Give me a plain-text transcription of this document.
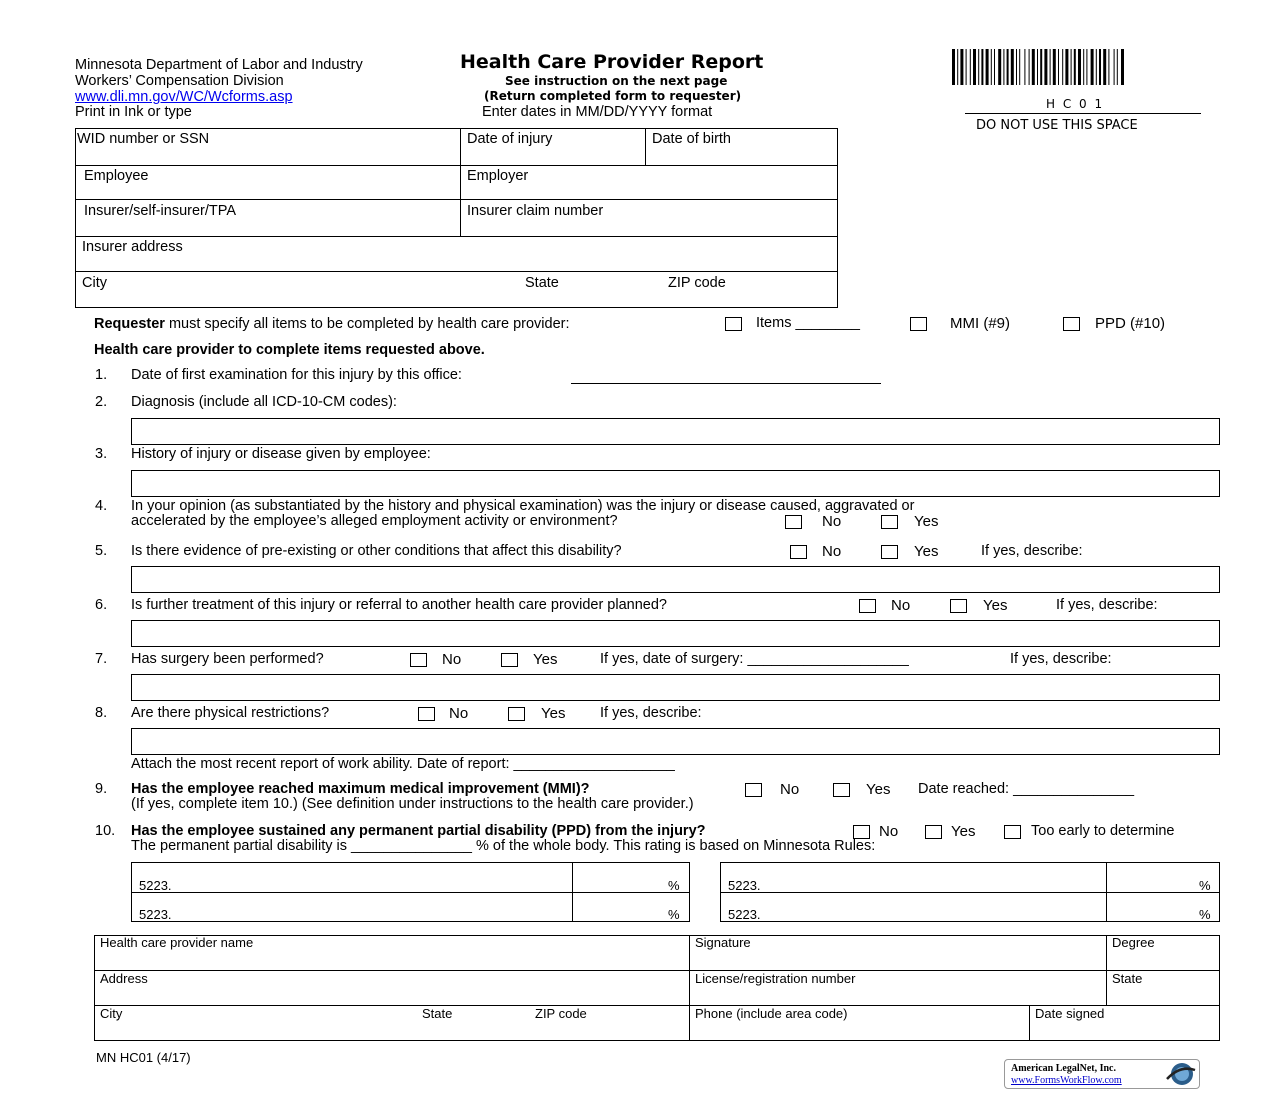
Minnesota Department of Labor and Industry
Workers’ Compensation Division
www.dli.mn.gov/WC/Wcforms.asp
Print in Ink or type
Health Care Provider Report
See instruction on the next page
(Return completed form to requester)
Enter dates in MM/DD/YYYY format	H C 0 1
DO NOT USE THIS SPACE
WID number or SSN	Date of injury	Date of birth
Employee	Employer
Insurer/self-insurer/TPA	Insurer claim number
Insurer address
City	State	ZIP code
Requester must specify all items to be completed by health care provider:	Items ________	MMI (#9)	PPD (#10)
Health care provider to complete items requested above.
1. Date of first examination for this injury by this office:
2. Diagnosis (include all ICD-10-CM codes):
3. History of injury or disease given by employee:
4. In your opinion (as substantiated by the history and physical examination) was the injury or disease caused, aggravated or
accelerated by the employee’s alleged employment activity or environment?	No	Yes
5. Is there evidence of pre-existing or other conditions that affect this disability?	No	Yes	If yes, describe:
6. Is further treatment of this injury or referral to another health care provider planned?	No	Yes	If yes, describe:
7. Has surgery been performed?	No	Yes	If yes, date of surgery: ____________________	If yes, describe:
8. Are there physical restrictions?	No	Yes If yes, describe:
Attach the most recent report of work ability. Date of report: ____________________
9. Has the employee reached maximum medical improvement (MMI)?	No	Yes Date reached: _______________
(If yes, complete item 10.) (See definition under instructions to the health care provider.)
10. Has the employee sustained any permanent partial disability (PPD) from the injury?	No	Yes	Too early to determine
The permanent partial disability is _______________ % of the whole body. This rating is based on Minnesota Rules:
5223.	%
5223.	%
5223.	%
5223.	%
Health care provider name	Signature	Degree
Address	License/registration number	State
City	State	ZIP code	Phone (include area code)	Date signed
MN HC01 (4/17)
American LegalNet, Inc.
www.FormsWorkFlow.com
